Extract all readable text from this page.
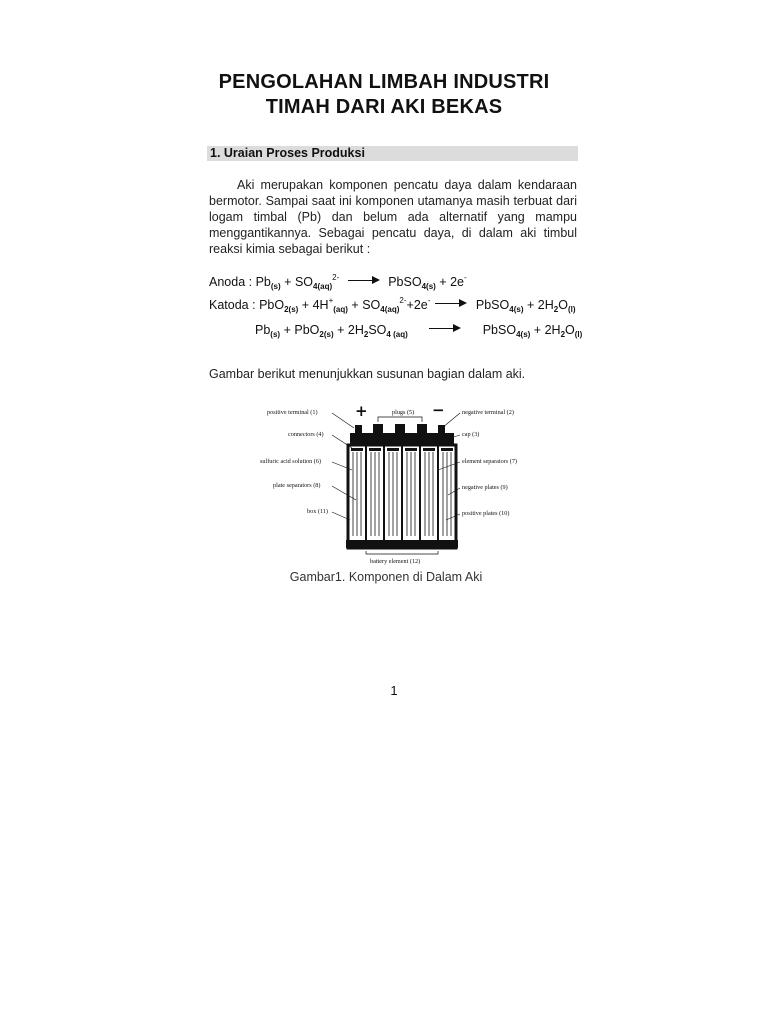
PENGOLAHAN LIMBAH INDUSTRI
TIMAH DARI AKI BEKAS
1. Uraian Proses Produksi
Aki merupakan komponen pencatu daya dalam kendaraan bermotor. Sampai saat ini komponen utamanya masih terbuat dari logam timbal (Pb) dan belum ada alternatif yang mampu menggantikannya. Sebagai pencatu daya, di dalam aki timbul reaksi kimia sebagai berikut :
Anoda : $Pb_{(s)} + SO_{4(aq)}^{2-}$	PbSO$_{4(s)}$ + 2e-
Katoda : $PbO_{2(s)} + 4H^+_{(aq)} + SO_{4(aq)}^{2-}+2e^-$	PbSO$_{4(s)}$ + $2H_2O_{(l)}$
$Pb_{(s)} + PbO_{2(s)} + 2H_2SO_{4 (aq)}$	PbSO$_{4(s)}$ + $2H_2O_{(l)}$
Gambar berikut menunjukkan susunan bagian dalam aki.
+	−
positive terminal (1)
connectors (4)
sulfuric acid solution (6)
plate separators (8)
box (11)
negative terminal (2)
cap (3)
element separators (7)
negative plates (9)
positive plates (10)
plugs (5)
battery element (12)
Gambar1. Komponen di Dalam Aki
1
